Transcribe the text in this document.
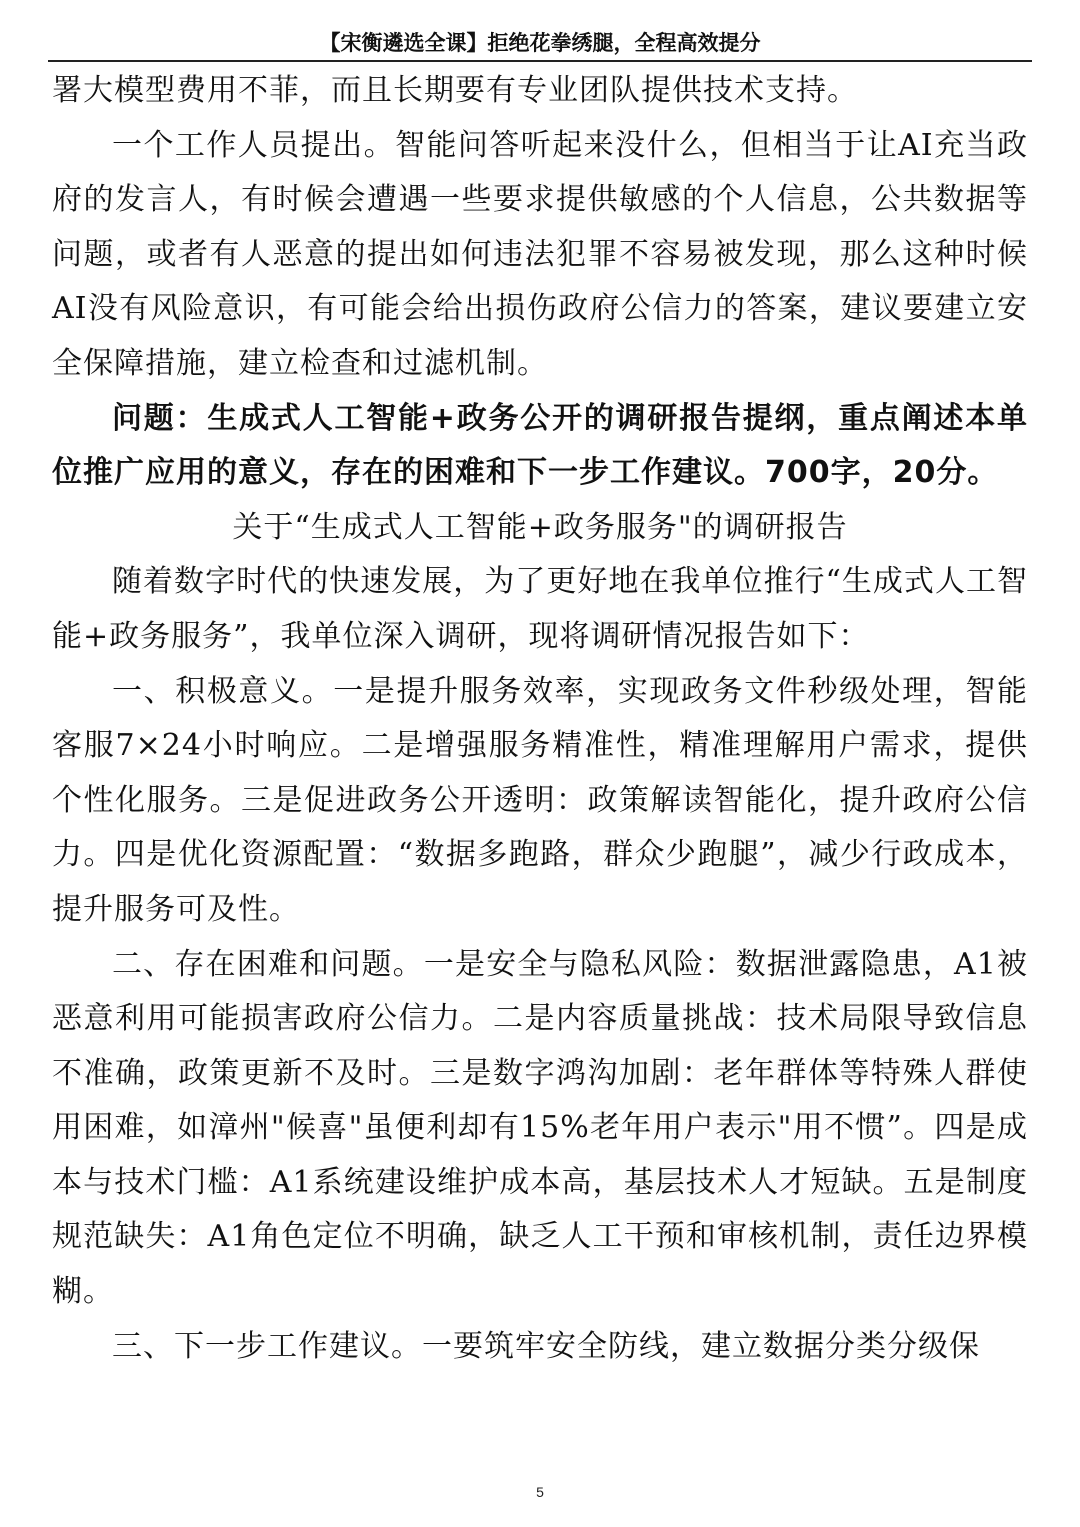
【宋衡遴选全课】拒绝花拳绣腿，全程高效提分

署大模型费用不菲，而且长期要有专业团队提供技术支持。

一个工作人员提出。智能问答听起来没什么，但相当于让AI充当政府的发言人，有时候会遭遇一些要求提供敏感的个人信息，公共数据等问题，或者有人恶意的提出如何违法犯罪不容易被发现，那么这种时候AI没有风险意识，有可能会给出损伤政府公信力的答案，建议要建立安全保障措施，建立检查和过滤机制。

问题：生成式人工智能+政务公开的调研报告提纲，重点阐述本单位推广应用的意义，存在的困难和下一步工作建议。700字，20分。

关于“生成式人工智能+政务服务"的调研报告

随着数字时代的快速发展，为了更好地在我单位推行“生成式人工智能+政务服务”，我单位深入调研，现将调研情况报告如下：

一、积极意义。一是提升服务效率，实现政务文件秒级处理，智能客服7×24小时响应。二是增强服务精准性，精准理解用户需求，提供个性化服务。三是促进政务公开透明：政策解读智能化，提升政府公信力。四是优化资源配置：“数据多跑路，群众少跑腿”，减少行政成本，提升服务可及性。

二、存在困难和问题。一是安全与隐私风险：数据泄露隐患，A1被恶意利用可能损害政府公信力。二是内容质量挑战：技术局限导致信息不准确，政策更新不及时。三是数字鸿沟加剧：老年群体等特殊人群使用困难，如漳州"候喜"虽便利却有15%老年用户表示"用不惯”。四是成本与技术门槛：A1系统建设维护成本高，基层技术人才短缺。五是制度规范缺失：A1角色定位不明确，缺乏人工干预和审核机制，责任边界模糊。

三、下一步工作建议。一要筑牢安全防线，建立数据分类分级保

5
